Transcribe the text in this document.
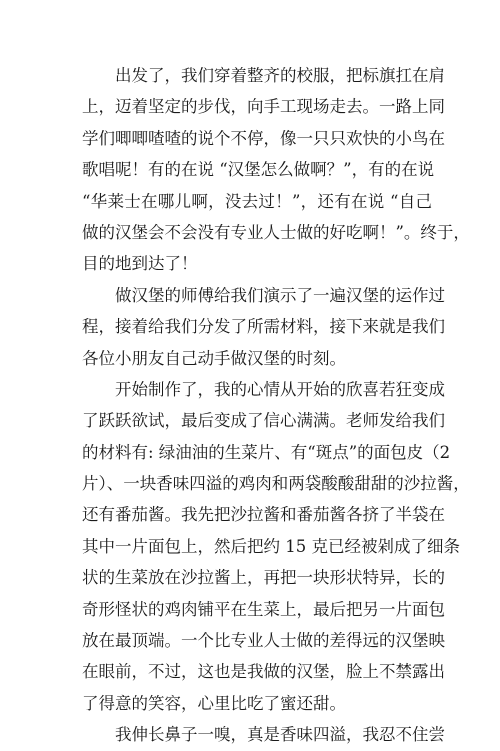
出发了，我们穿着整齐的校服，把标旗扛在肩
上，迈着坚定的步伐，向手工现场走去。一路上同
学们唧唧喳喳的说个不停，像一只只欢快的小鸟在
歌唱呢！有的在说 “汉堡怎么做啊？”，有的在说
“华莱士在哪儿啊，没去过！”，还有在说 “自己
做的汉堡会不会没有专业人士做的好吃啊！”。终于，
目的地到达了！
做汉堡的师傅给我们演示了一遍汉堡的运作过
程，接着给我们分发了所需材料，接下来就是我们
各位小朋友自己动手做汉堡的时刻。
开始制作了，我的心情从开始的欣喜若狂变成
了跃跃欲试，最后变成了信心满满。老师发给我们
的材料有: 绿油油的生菜片、有“斑点”的面包皮（2
片）、一块香味四溢的鸡肉和两袋酸酸甜甜的沙拉酱，
还有番茄酱。我先把沙拉酱和番茄酱各挤了半袋在
其中一片面包上，然后把约 15 克已经被剁成了细条
状的生菜放在沙拉酱上，再把一块形状特异，长的
奇形怪状的鸡肉铺平在生菜上，最后把另一片面包
放在最顶端。一个比专业人士做的差得远的汉堡映
在眼前，不过，这也是我做的汉堡，脸上不禁露出
了得意的笑容，心里比吃了蜜还甜。
我伸长鼻子一嗅，真是香味四溢，我忍不住尝
